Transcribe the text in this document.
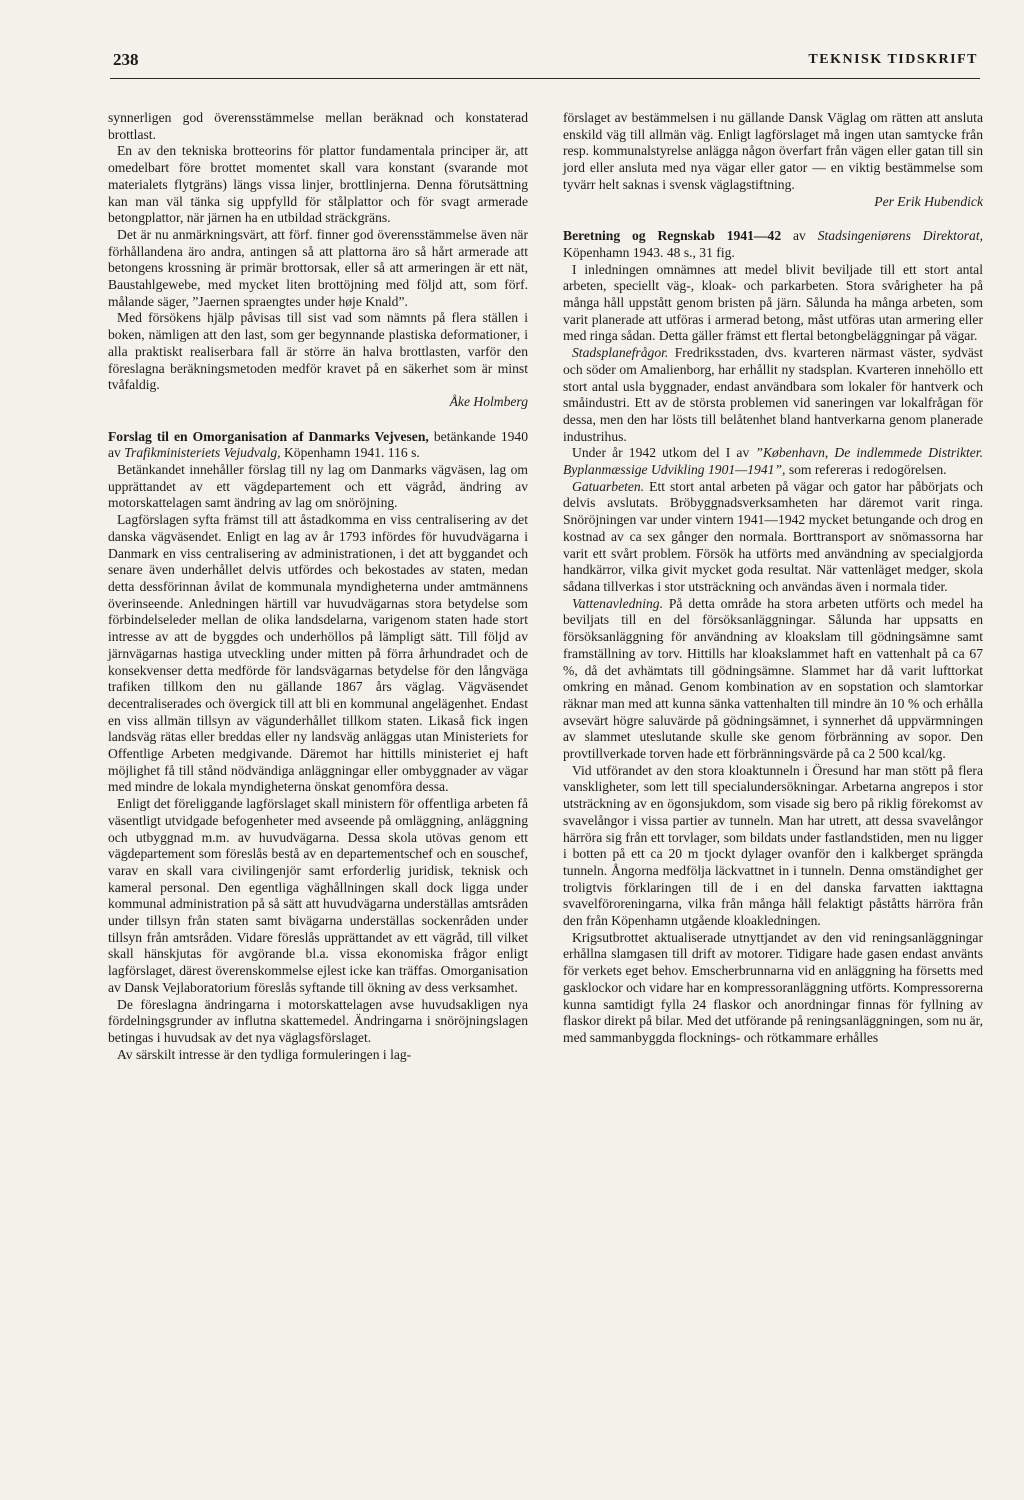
238	TEKNISK TIDSKRIFT

synnerligen god överensstämmelse mellan beräknad och konstaterad brottlast.

En av den tekniska brotteorins för plattor fundamentala principer är, att omedelbart före brottet momentet skall vara konstant (svarande mot materialets flytgräns) längs vissa linjer, brottlinjerna. Denna förutsättning kan man väl tänka sig uppfylld för stålplattor och för svagt armerade betongplattor, när järnen ha en utbildad sträckgräns.

Det är nu anmärkningsvärt, att förf. finner god överensstämmelse även när förhållandena äro andra, antingen så att plattorna äro så hårt armerade att betongens krossning är primär brottorsak, eller så att armeringen är ett nät, Baustahlgewebe, med mycket liten brottöjning med följd att, som förf. målande säger, ”Jaernen spraengtes under høje Knald”.

Med försökens hjälp påvisas till sist vad som nämnts på flera ställen i boken, nämligen att den last, som ger begynnande plastiska deformationer, i alla praktiskt realiserbara fall är större än halva brottlasten, varför den föreslagna beräkningsmetoden medför kravet på en säkerhet som är minst tvåfaldig.

Åke Holmberg

Forslag til en Omorganisation af Danmarks Vejvesen, betänkande 1940 av Trafikministeriets Vejudvalg, Köpenhamn 1941. 116 s.

Betänkandet innehåller förslag till ny lag om Danmarks vägväsen, lag om upprättandet av ett vägdepartement och ett vägråd, ändring av motorskattelagen samt ändring av lag om snöröjning.

Lagförslagen syfta främst till att åstadkomma en viss centralisering av det danska vägväsendet. Enligt en lag av år 1793 infördes för huvudvägarna i Danmark en viss centralisering av administrationen, i det att byggandet och senare även underhållet delvis utfördes och bekostades av staten, medan detta dessförinnan åvilat de kommunala myndigheterna under amtmännens överinseende. Anledningen härtill var huvudvägarnas stora betydelse som förbindelseleder mellan de olika landsdelarna, varigenom staten hade stort intresse av att de byggdes och underhöllos på lämpligt sätt. Till följd av järnvägarnas hastiga utveckling under mitten på förra århundradet och de konsekvenser detta medförde för landsvägarnas betydelse för den långväga trafiken tillkom den nu gällande 1867 års väglag. Vägväsendet decentraliserades och övergick till att bli en kommunal angelägenhet. Endast en viss allmän tillsyn av vägunderhållet tillkom staten. Likaså fick ingen landsväg rätas eller breddas eller ny landsväg anläggas utan Ministeriets for Offentlige Arbeten medgivande. Däremot har hittills ministeriet ej haft möjlighet få till stånd nödvändiga anläggningar eller ombyggnader av vägar med mindre de lokala myndigheterna önskat genomföra dessa.

Enligt det föreliggande lagförslaget skall ministern för offentliga arbeten få väsentligt utvidgade befogenheter med avseende på omläggning, anläggning och utbyggnad m.m. av huvudvägarna. Dessa skola utövas genom ett vägdepartement som föreslås bestå av en departementschef och en souschef, varav en skall vara civilingenjör samt erforderlig juridisk, teknisk och kameral personal. Den egentliga väghållningen skall dock ligga under kommunal administration på så sätt att huvudvägarna underställas amtsråden under tillsyn från staten samt bivägarna underställas sockenråden under tillsyn från amtsråden. Vidare föreslås upprättandet av ett vägråd, till vilket skall hänskjutas för avgörande bl.a. vissa ekonomiska frågor enligt lagförslaget, därest överenskommelse ejlest icke kan träffas. Omorganisation av Dansk Vejlaboratorium föreslås syftande till ökning av dess verksamhet.

De föreslagna ändringarna i motorskattelagen avse huvudsakligen nya fördelningsgrunder av influtna skattemedel. Ändringarna i snöröjningslagen betingas i huvudsak av det nya väglagsförslaget.

Av särskilt intresse är den tydliga formuleringen i lag-

förslaget av bestämmelsen i nu gällande Dansk Väglag om rätten att ansluta enskild väg till allmän väg. Enligt lagförslaget må ingen utan samtycke från resp. kommunalstyrelse anlägga någon överfart från vägen eller gatan till sin jord eller ansluta med nya vägar eller gator — en viktig bestämmelse som tyvärr helt saknas i svensk väglagstiftning.

Per Erik Hubendick

Beretning og Regnskab 1941—42 av Stadsingeniørens Direktorat, Köpenhamn 1943. 48 s., 31 fig.

I inledningen omnämnes att medel blivit beviljade till ett stort antal arbeten, speciellt väg-, kloak- och parkarbeten. Stora svårigheter ha på många håll uppstått genom bristen på järn. Sålunda ha många arbeten, som varit planerade att utföras i armerad betong, måst utföras utan armering eller med ringa sådan. Detta gäller främst ett flertal betongbeläggningar på vägar.

Stadsplanefrågor. Fredriksstaden, dvs. kvarteren närmast väster, sydväst och söder om Amalienborg, har erhållit ny stadsplan. Kvarteren innehöllo ett stort antal usla byggnader, endast användbara som lokaler för hantverk och småindustri. Ett av de största problemen vid saneringen var lokalfrågan för dessa, men den har lösts till belåtenhet bland hantverkarna genom planerade industrihus.

Under år 1942 utkom del I av ”København, De indlemmede Distrikter. Byplanmæssige Udvikling 1901—1941”, som refereras i redogörelsen.

Gatuarbeten. Ett stort antal arbeten på vägar och gator har påbörjats och delvis avslutats. Bröbyggnadsverksamheten har däremot varit ringa. Snöröjningen var under vintern 1941—1942 mycket betungande och drog en kostnad av ca sex gånger den normala. Borttransport av snömassorna har varit ett svårt problem. Försök ha utförts med användning av specialgjorda handkärror, vilka givit mycket goda resultat. När vattenläget medger, skola sådana tillverkas i stor utsträckning och användas även i normala tider.

Vattenavledning. På detta område ha stora arbeten utförts och medel ha beviljats till en del försöksanläggningar. Sålunda har uppsatts en försöksanläggning för användning av kloakslam till gödningsämne samt framställning av torv. Hittills har kloakslammet haft en vattenhalt på ca 67 %, då det avhämtats till gödningsämne. Slammet har då varit lufttorkat omkring en månad. Genom kombination av en sopstation och slamtorkar räknar man med att kunna sänka vattenhalten till mindre än 10 % och erhålla avsevärt högre saluvärde på gödningsämnet, i synnerhet då uppvärmningen av slammet uteslutande skulle ske genom förbränning av sopor. Den provtillverkade torven hade ett förbränningsvärde på ca 2 500 kcal/kg.

Vid utförandet av den stora kloaktunneln i Öresund har man stött på flera vanskligheter, som lett till specialundersökningar. Arbetarna angrepos i stor utsträckning av en ögonsjukdom, som visade sig bero på riklig förekomst av svavelångor i vissa partier av tunneln. Man har utrett, att dessa svavelångor härröra sig från ett torvlager, som bildats under fastlandstiden, men nu ligger i botten på ett ca 20 m tjockt dylager ovanför den i kalkberget sprängda tunneln. Ångorna medfölja läckvattnet in i tunneln. Denna omständighet ger troligtvis förklaringen till de i en del danska farvatten iakttagna svavelföroreningarna, vilka från många håll felaktigt påståtts härröra från den från Köpenhamn utgående kloakledningen.

Krigsutbrottet aktualiserade utnyttjandet av den vid reningsanläggningar erhållna slamgasen till drift av motorer. Tidigare hade gasen endast använts för verkets eget behov. Emscherbrunnarna vid en anläggning ha försetts med gasklockor och vidare har en kompressoranläggning utförts. Kompressorerna kunna samtidigt fylla 24 flaskor och anordningar finnas för fyllning av flaskor direkt på bilar. Med det utförande på reningsanläggningen, som nu är, med sammanbyggda flocknings- och rötkammare erhålles
